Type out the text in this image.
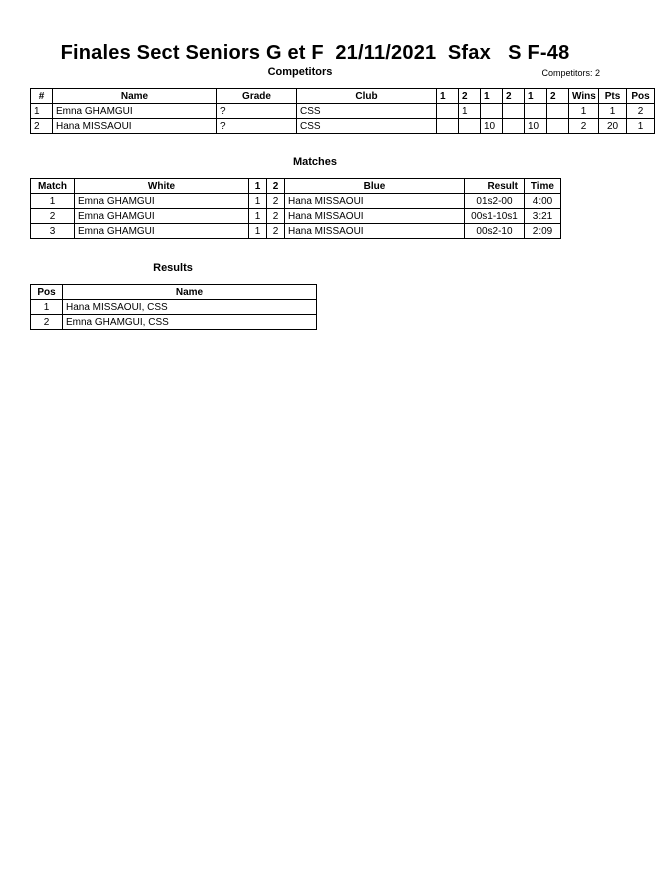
Finales Sect Seniors G et F  21/11/2021  Sfax   S F-48
Competitors	Competitors: 2
#	Name	Grade	Club	1	2	1	2	1	2	Wins	Pts	Pos
1	Emna GHAMGUI	?	CSS		1					1	1	2
2	Hana MISSAOUI	?	CSS			10		10		2	20	1
Matches
Match	White	1	2	Blue	Result	Time
1	Emna GHAMGUI	1	2	Hana MISSAOUI	01s2-00	4:00
2	Emna GHAMGUI	1	2	Hana MISSAOUI	00s1-10s1	3:21
3	Emna GHAMGUI	1	2	Hana MISSAOUI	00s2-10	2:09
Results
Pos	Name
1	Hana MISSAOUI, CSS
2	Emna GHAMGUI, CSS
